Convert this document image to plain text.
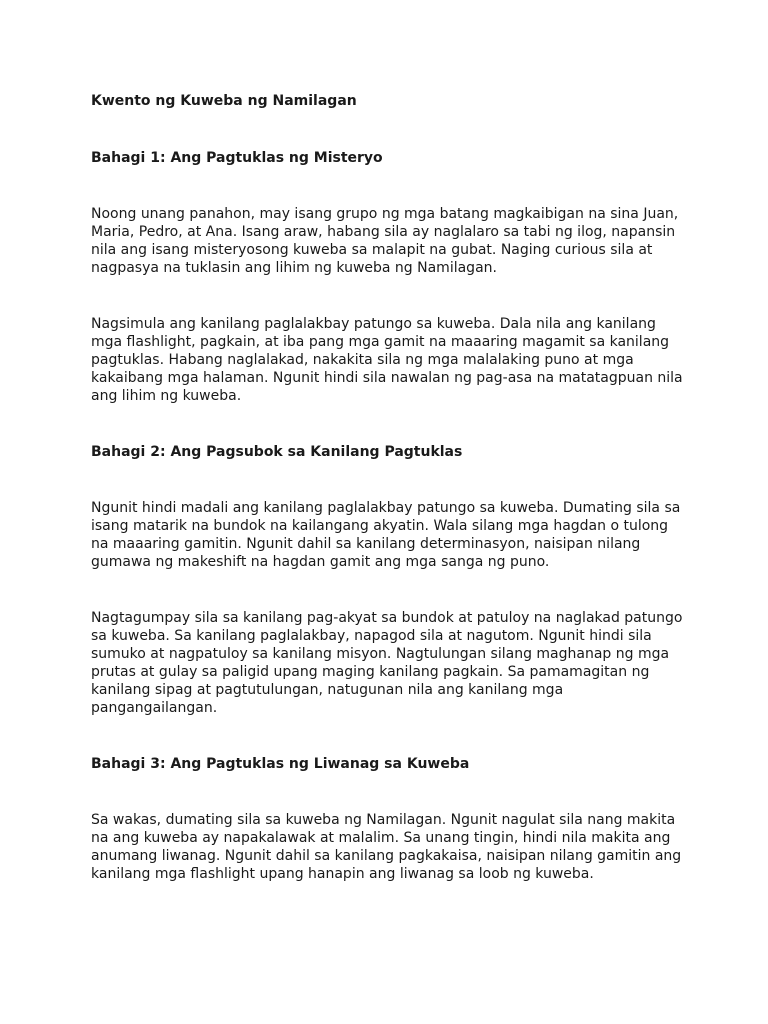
Kwento ng Kuweba ng Namilagan
Bahagi 1: Ang Pagtuklas ng Misteryo
Noong unang panahon, may isang grupo ng mga batang magkaibigan na sina Juan,
Maria, Pedro, at Ana. Isang araw, habang sila ay naglalaro sa tabi ng ilog, napansin
nila ang isang misteryosong kuweba sa malapit na gubat. Naging curious sila at
nagpasya na tuklasin ang lihim ng kuweba ng Namilagan.
Nagsimula ang kanilang paglalakbay patungo sa kuweba. Dala nila ang kanilang
mga flashlight, pagkain, at iba pang mga gamit na maaaring magamit sa kanilang
pagtuklas. Habang naglalakad, nakakita sila ng mga malalaking puno at mga
kakaibang mga halaman. Ngunit hindi sila nawalan ng pag-asa na matatagpuan nila
ang lihim ng kuweba.
Bahagi 2: Ang Pagsubok sa Kanilang Pagtuklas
Ngunit hindi madali ang kanilang paglalakbay patungo sa kuweba. Dumating sila sa
isang matarik na bundok na kailangang akyatin. Wala silang mga hagdan o tulong
na maaaring gamitin. Ngunit dahil sa kanilang determinasyon, naisipan nilang
gumawa ng makeshift na hagdan gamit ang mga sanga ng puno.
Nagtagumpay sila sa kanilang pag-akyat sa bundok at patuloy na naglakad patungo
sa kuweba. Sa kanilang paglalakbay, napagod sila at nagutom. Ngunit hindi sila
sumuko at nagpatuloy sa kanilang misyon. Nagtulungan silang maghanap ng mga
prutas at gulay sa paligid upang maging kanilang pagkain. Sa pamamagitan ng
kanilang sipag at pagtutulungan, natugunan nila ang kanilang mga
pangangailangan.
Bahagi 3: Ang Pagtuklas ng Liwanag sa Kuweba
Sa wakas, dumating sila sa kuweba ng Namilagan. Ngunit nagulat sila nang makita
na ang kuweba ay napakalawak at malalim. Sa unang tingin, hindi nila makita ang
anumang liwanag. Ngunit dahil sa kanilang pagkakaisa, naisipan nilang gamitin ang
kanilang mga flashlight upang hanapin ang liwanag sa loob ng kuweba.
